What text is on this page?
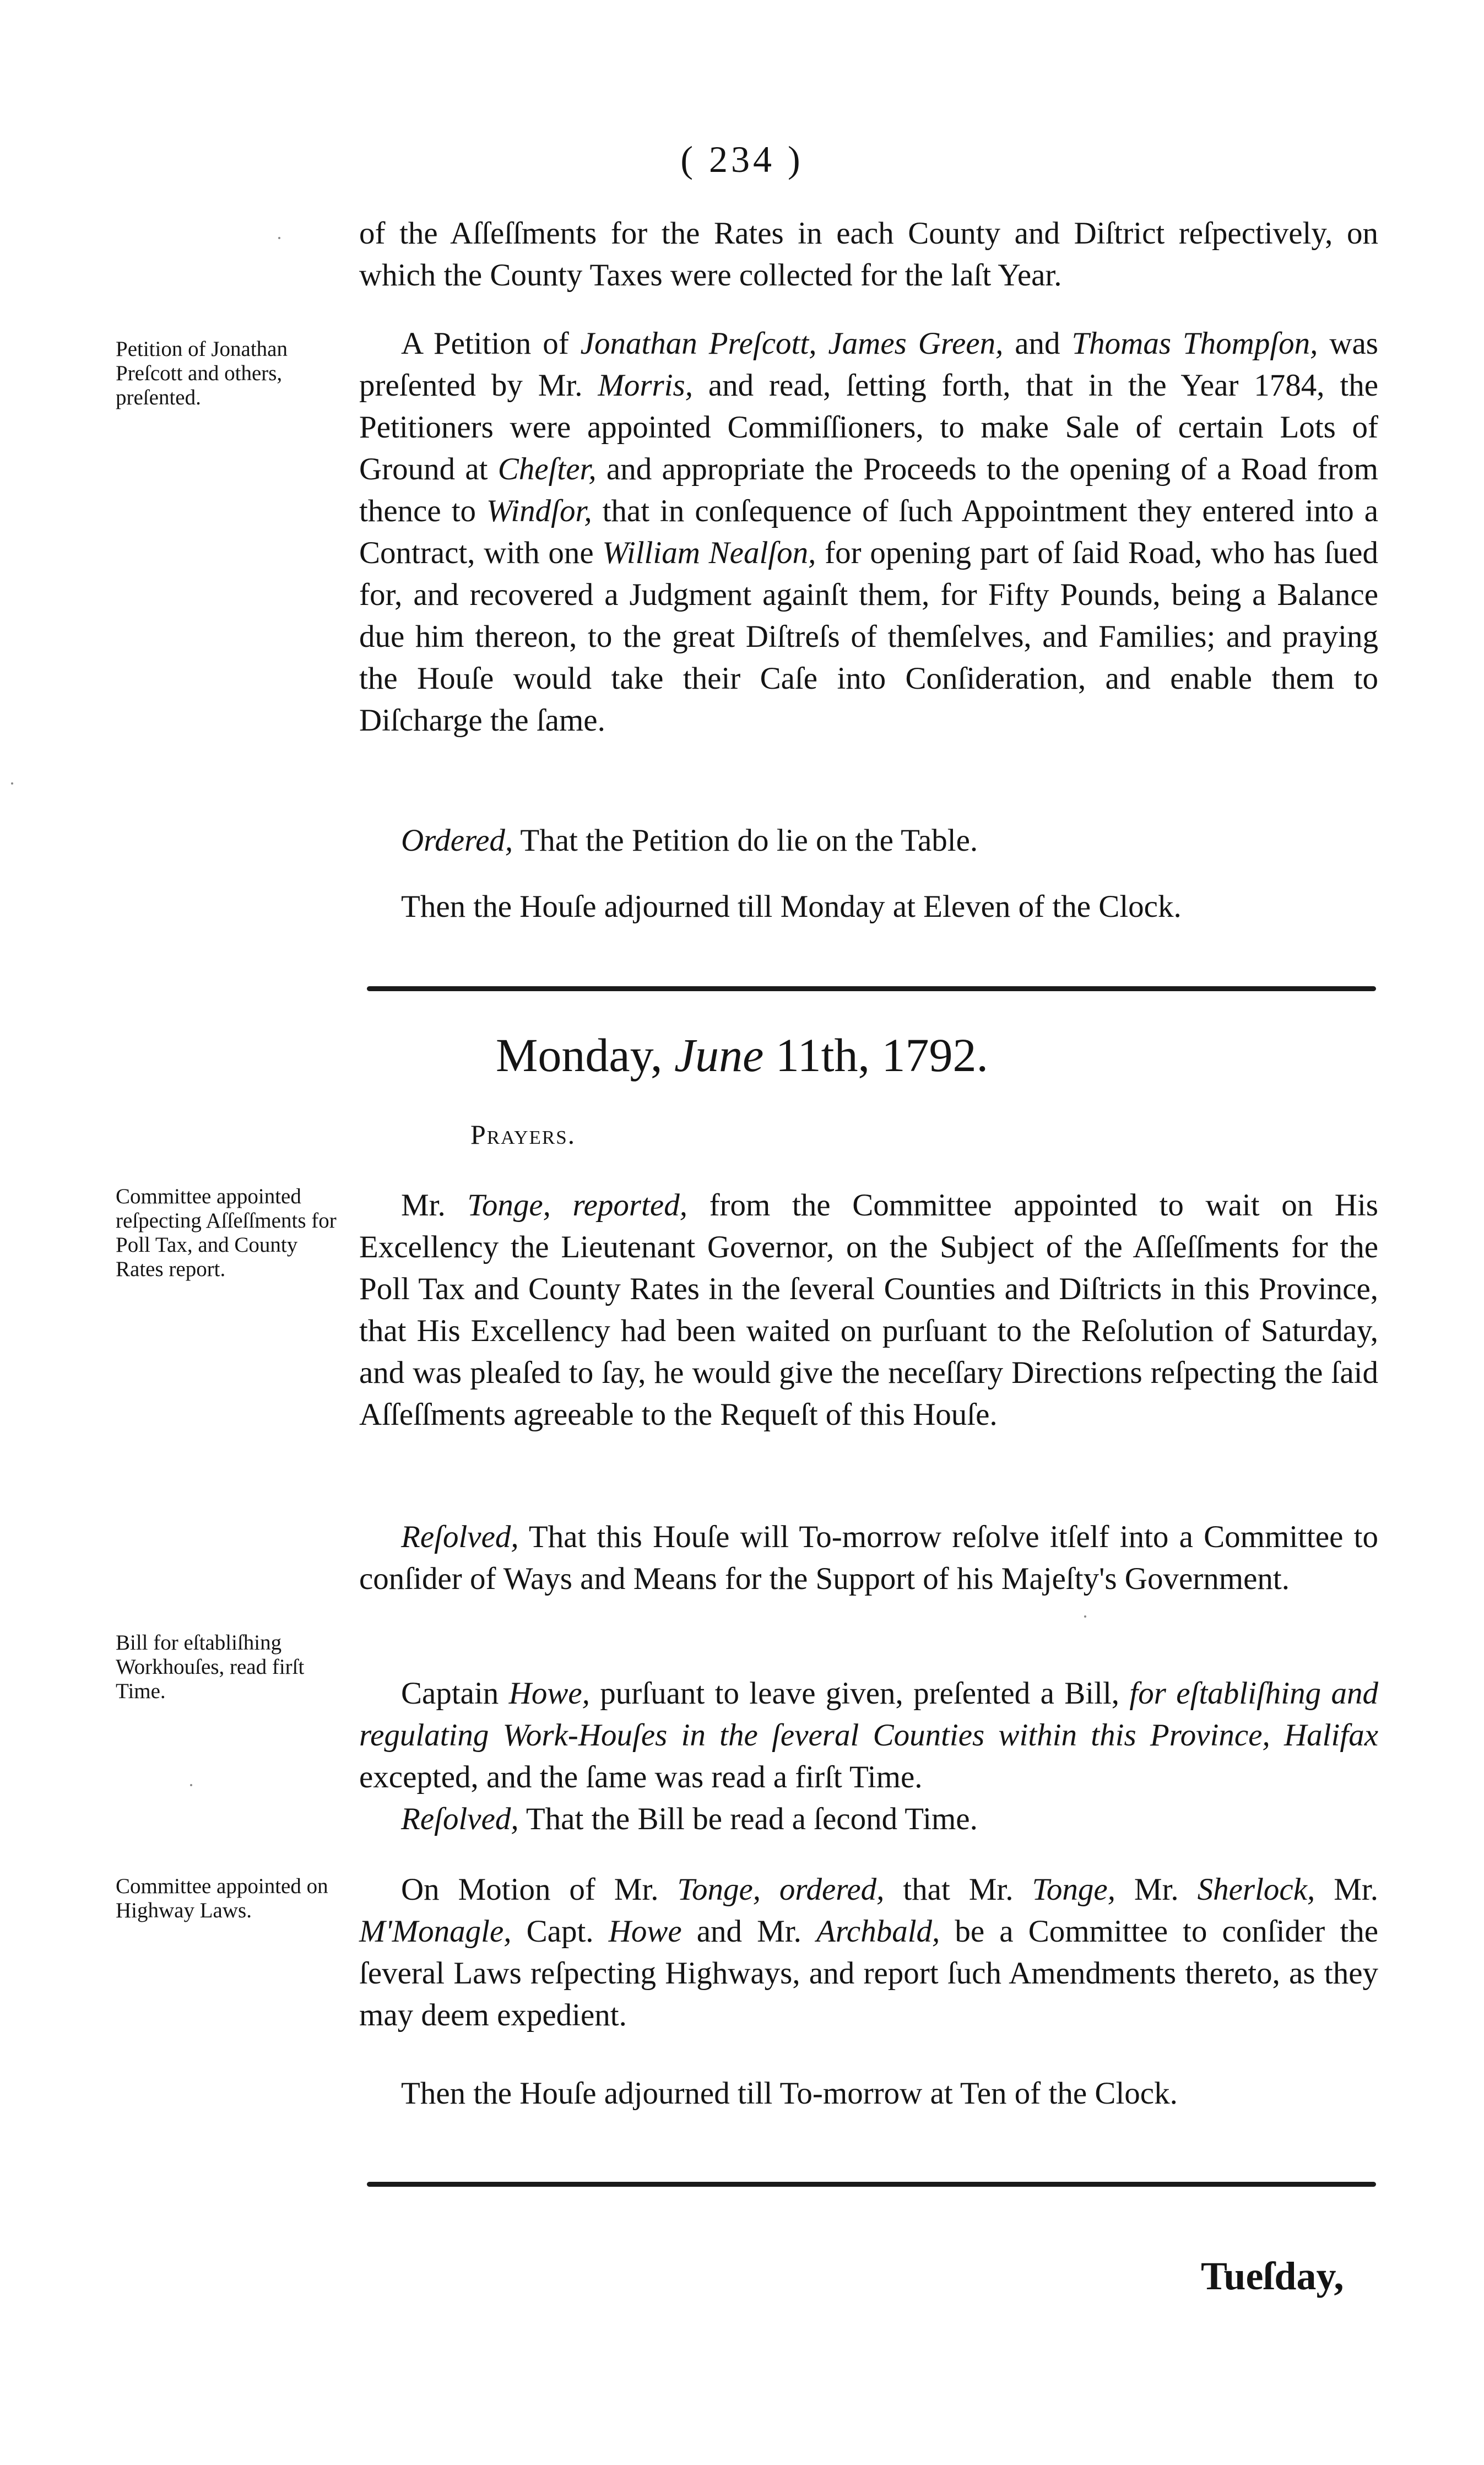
( 234 )
of the Aſſeſſments for the Rates in each County and Diſtrict reſpectively, on which the County Taxes were collected for the laſt Year.
Petition of Jonathan Preſcott and others, preſented.
A Petition of Jonathan Preſcott, James Green, and Thomas Thompſon, was preſented by Mr. Morris, and read, ſetting forth, that in the Year 1784, the Petitioners were appointed Commiſſioners, to make Sale of certain Lots of Ground at Cheſter, and appropriate the Proceeds to the opening of a Road from thence to Windſor, that in conſequence of ſuch Appointment they entered into a Contract, with one William Nealſon, for opening part of ſaid Road, who has ſued for, and recovered a Judgment againſt them, for Fifty Pounds, being a Balance due him thereon, to the great Diſtreſs of themſelves, and Families; and praying the Houſe would take their Caſe into Conſideration, and enable them to Diſcharge the ſame.
Ordered, That the Petition do lie on the Table.
Then the Houſe adjourned till Monday at Eleven of the Clock.
Monday, June 11th, 1792.
Prayers.
Committee appointed reſpecting Aſſeſſments for Poll Tax, and County Rates report.
Mr. Tonge, reported, from the Committee appointed to wait on His Excellency the Lieutenant Governor, on the Subject of the Aſſeſſments for the Poll Tax and County Rates in the ſeveral Counties and Diſtricts in this Province, that His Excellency had been waited on purſuant to the Reſolution of Saturday, and was pleaſed to ſay, he would give the neceſſary Directions reſpecting the ſaid Aſſeſſments agreeable to the Requeſt of this Houſe.
Reſolved, That this Houſe will To-morrow reſolve itſelf into a Committee to conſider of Ways and Means for the Support of his Majeſty's Government.
Bill for eſtabliſhing Workhouſes, read firſt Time.	Captain Howe, purſuant to leave given, preſented a Bill, for eſtabliſhing and regulating Work-Houſes in the ſeveral Counties within this Province, Halifax excepted, and the ſame was read a firſt Time.
Reſolved, That the Bill be read a ſecond Time.
Committee appointed on Highway Laws.
On Motion of Mr. Tonge, ordered, that Mr. Tonge, Mr. Sherlock, Mr. M'Monagle, Capt. Howe and Mr. Archbald, be a Committee to conſider the ſeveral Laws reſpecting Highways, and report ſuch Amendments thereto, as they may deem expedient.
Then the Houſe adjourned till To-morrow at Ten of the Clock.
Tueſday,
